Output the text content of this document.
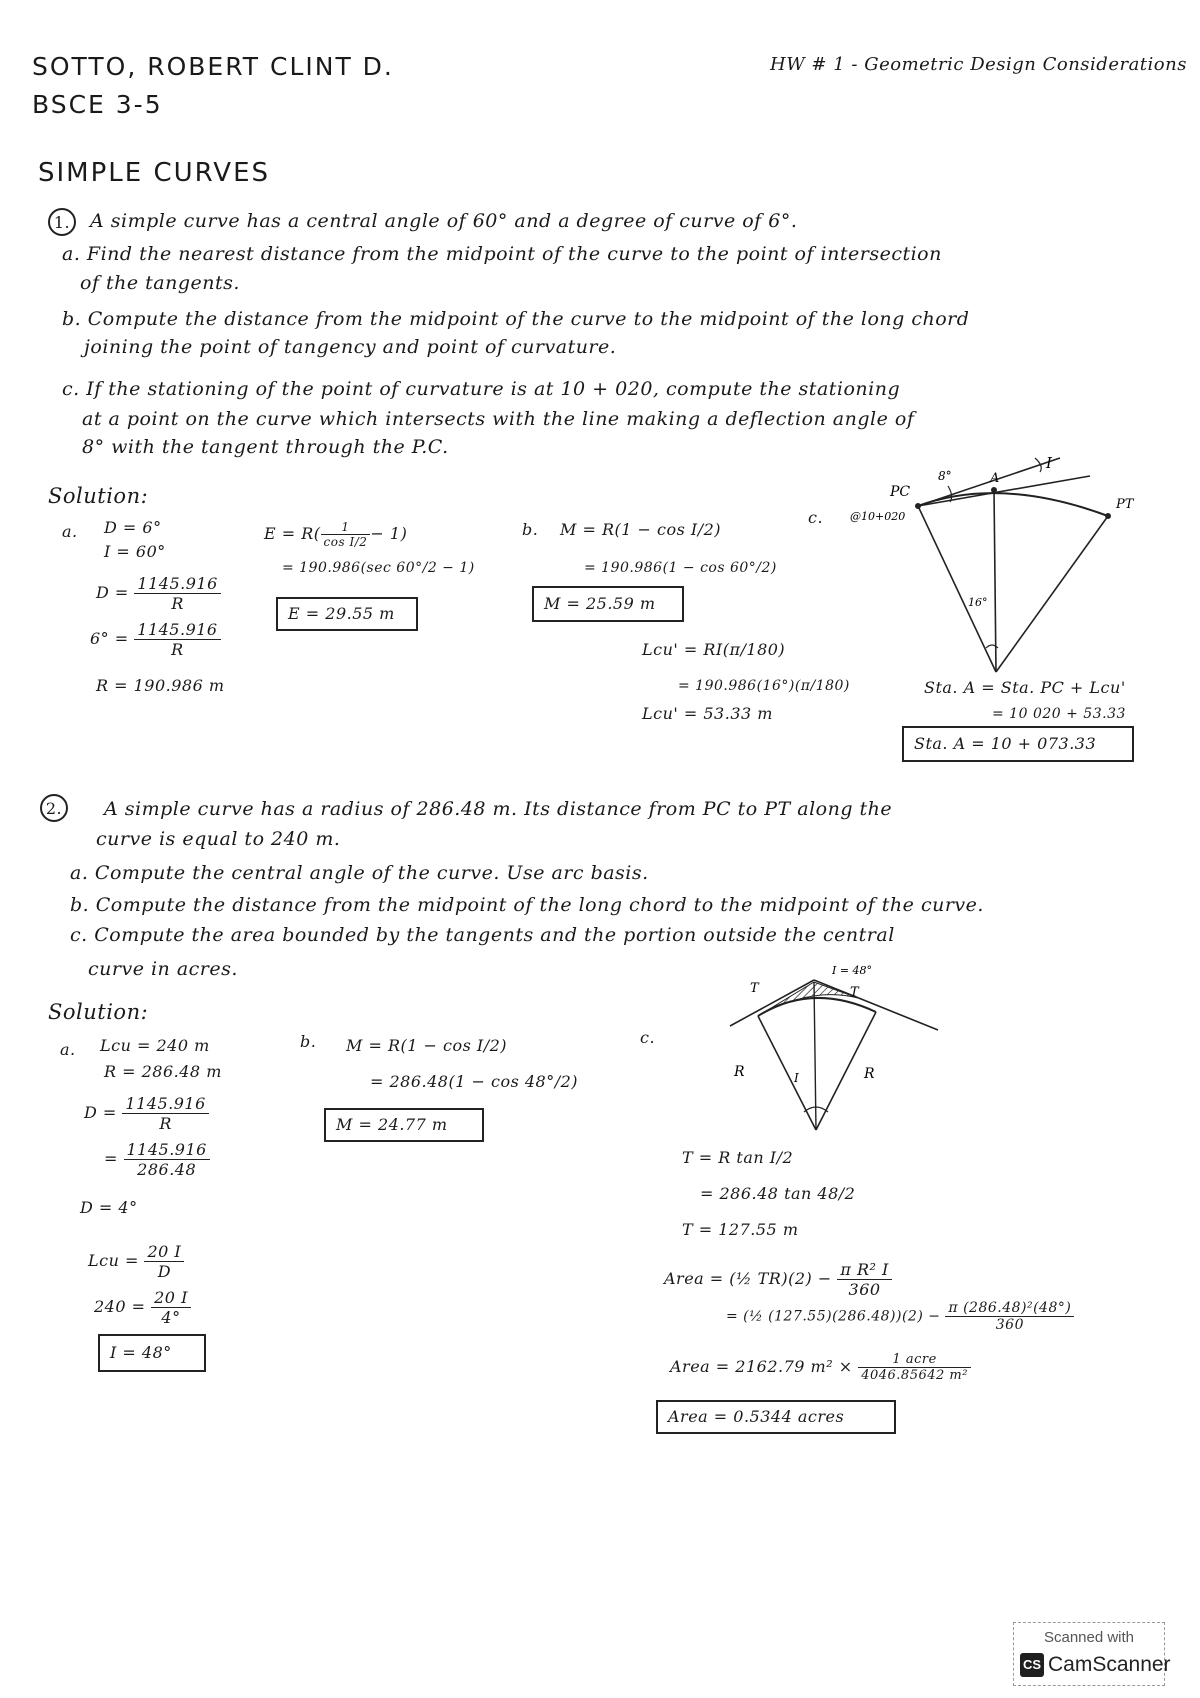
SOTTO, ROBERT CLINT D.
BSCE 3-5
HW # 1 - Geometric Design Considerations
SIMPLE CURVES
1.	A simple curve has a central angle of 60° and a degree of curve of 6°.
a. Find the nearest distance from the midpoint of the curve to the point of intersection
of the tangents.
b. Compute the distance from the midpoint of the curve to the midpoint of the long chord
joining the point of tangency and point of curvature.
c. If the stationing of the point of curvature is at 10 + 020, compute the stationing
at a point on the curve which intersects with the line making a deflection angle of
8° with the tangent through the P.C.
Solution:
a. D = 6°
I = 60°
$D = \frac{1145.916}{R}$
$6^\circ = \frac{1145.916}{R}$
R = 190.986 m
$E = R( \frac{1}{\text{cos I/2}} - 1)$
= 190.986(sec 60°/2 − 1)
E = 29.55 m
b. M = R(1 − cos I/2)
= 190.986(1 − cos 60°/2)
M = 25.59 m
Lcu' = RI(π/180)
= 190.986(16°)(π/180)
Lcu' = 53.33 m
c.
PC
@10+020
A
I
PT
8°
16°
Sta. A = Sta. PC + Lcu'
= 10 020 + 53.33
Sta. A = 10 + 073.33
2.	A simple curve has a radius of 286.48 m. Its distance from PC to PT along the
curve is equal to 240 m.
a. Compute the central angle of the curve. Use arc basis.
b. Compute the distance from the midpoint of the long chord to the midpoint of the curve.
c. Compute the area bounded by the tangents and the portion outside the central
curve in acres.
Solution:
a. Lcu = 240 m
R = 286.48 m
$D = \frac{1145.916}{R}$
= $\frac{1145.916}{286.48}$
D = 4°
Lcu = $\frac{20 I}{D}$
$240 = \frac{20 I}{4^\circ}$
I = 48°
b. M = R(1 − cos I/2)
= 286.48(1 − cos 48°/2)
M = 24.77 m
c.
T	T
I = 48°
R	R
I
T = R tan I/2
= 286.48 tan 48/2
T = 127.55 m
Area = (½ $TR)(2) - \frac{\text{π R² I}}{360}$
= (½ $(127.55)(286.48))(2) - \frac{\text{π (286.48)²(48°)}}{360}$
Area = 2162.79 $m^2 \times \frac{\text{1 acre}}{\text{4046.85642 m²}}$
Area = 0.5344 acres
Scanned with
CS CamScanner
